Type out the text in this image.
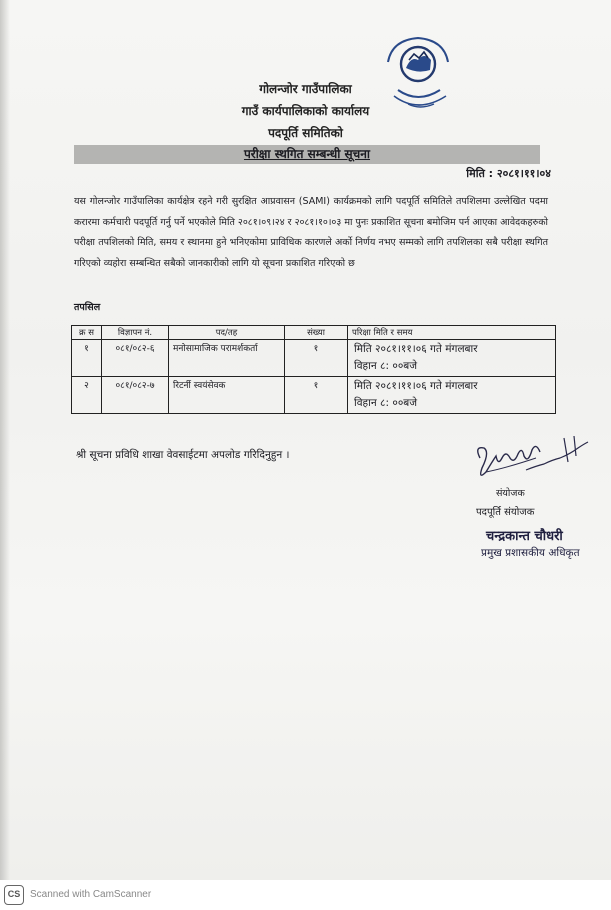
गोलन्जोर गाउँपालिका
गाउँ कार्यपालिकाको कार्यालय
पदपूर्ति समितिको
परीक्षा स्थगित सम्बन्धी सूचना
मिति : २०८१।११।०४
यस गोलन्जोर गाउँपालिका कार्यक्षेत्र रहने गरी सुरक्षित आप्रवासन (SAMI) कार्यक्रमको लागि पदपूर्ति समितिले तपशिलमा उल्लेखित पदमा करारमा कर्मचारी पदपूर्ति गर्नु पर्ने भएकोले मिति २०८१।०९।२४ र २०८१।१०।०३ मा पुनः प्रकाशित सूचना बमोजिम पर्न आएका आवेदकहरुको परीक्षा तपशिलको मिति, समय र स्थानमा हुने भनिएकोमा प्राविधिक कारणले अर्को निर्णय नभए सम्मको लागि तपशिलका सबै परीक्षा स्थगित गरिएको व्यहोरा सम्बन्धित सबैको जानकारीको लागि यो सूचना प्रकाशित गरिएको छ
तपसिल
क्र स	विज्ञापन नं.	पद/तह	संख्या	परिक्षा मिति र समय
१	०८१/०८२-६	मनोसामाजिक परामर्शकर्ता	१	मिति २०८१।११।०६ गते मंगलबार
विहान ८: ००बजे

२	०८१/०८२-७	रिटर्नी स्वयंसेवक	१	मिति २०८१।११।०६ गते मंगलबार
विहान ८: ००बजे
श्री सूचना प्रविधि शाखा वेवसाईटमा अपलोड गरिदिनुहुन ।
संयोजक
पदपूर्ति संयोजक
चन्द्रकान्त चौधरी
प्रमुख प्रशासकीय अधिकृत
CS Scanned with CamScanner
